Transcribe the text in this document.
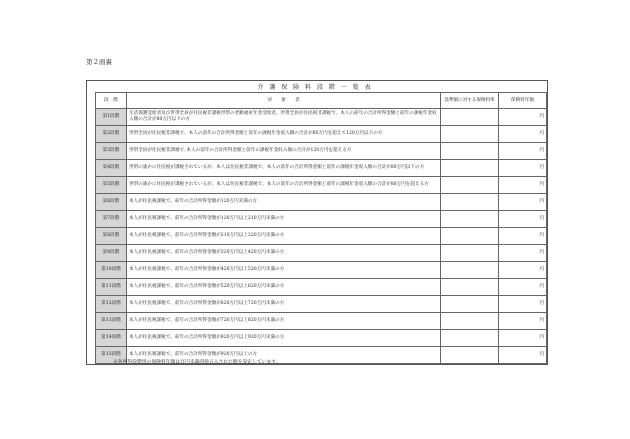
第２面裏
介 護 保 険 料 段 階 一 覧 表
段　階	対　　象　　者	基準額に対する保険料率	保険料年額
第1段階	生活保護受給者及び世帯全員が住民税非課税世帯の老齢福祉年金受給者。世帯全員が住民税非課税で、本人の前年の合計所得金額と前年の課税年金収入額の合計が80万円以下の方		円
第2段階	世帯全員が住民税非課税で、本人の前年の合計所得金額と前年の課税年金収入額の合計が80万円を超えて120万円以下の方		円
第3段階	世帯全員が住民税非課税で､本人の前年の合計所得金額と前年の課税年金収入額の合計が120万円を超える方		円
第4段階	世帯の誰かに住民税が課税されているが、本人は住民税非課税で、本人の前年の合計所得金額と前年の課税年金収入額の合計が80万円以下の方		円
第5段階	世帯の誰かに住民税が課税されているが、本人は住民税非課税で、本人の前年の合計所得金額と前年の課税年金収入額の合計が80万円を超える方		円
第6段階	本人が住民税課税で、前年の合計所得金額が120万円未満の方		円
第7段階	本人が住民税課税で、前年の合計所得金額が120万円以上210万円未満の方		円
第8段階	本人が住民税課税で、前年の合計所得金額が210万円以上320万円未満の方		円
第9段階	本人が住民税課税で、前年の合計所得金額が320万円以上420万円未満の方		円
第10段階	本人が住民税課税で、前年の合計所得金額が420万円以上520万円未満の方		円
第11段階	本人が住民税課税で、前年の合計所得金額が520万円以上620万円未満の方		円
第12段階	本人が住民税課税で、前年の合計所得金額が620万円以上720万円未満の方		円
第13段階	本人が住民税課税で、前年の合計所得金額が720万円以上820万円未満の方		円
第14段階	本人が住民税課税で、前年の合計所得金額が820万円以上920万円未満の方		円
第15段階	本人が住民税課税で、前年の合計所得金額が920万円以上の方		円
※各所得段階別の保険料年額は百円未満四捨五入された額を設定しています。
